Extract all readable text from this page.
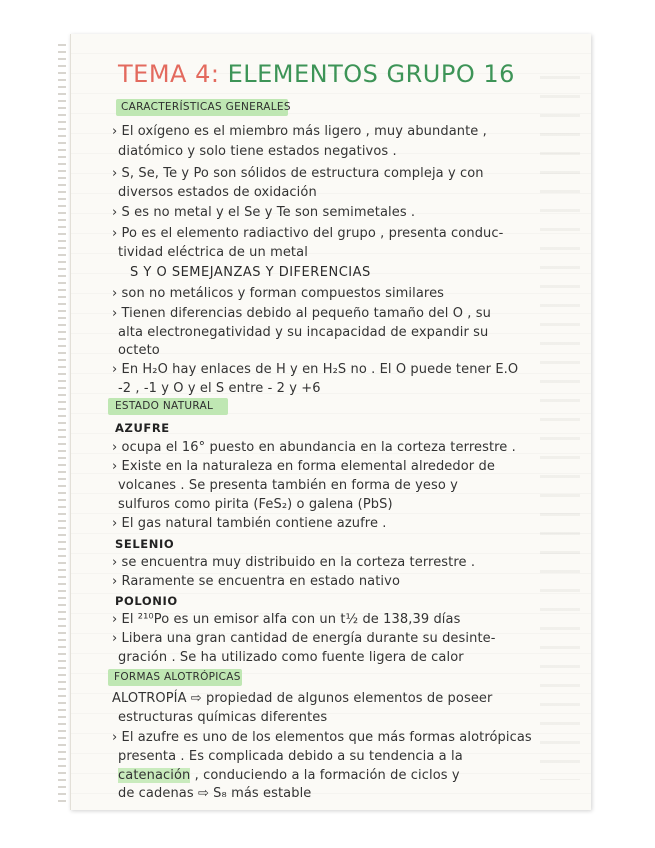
TEMA 4: ELEMENTOS GRUPO 16
CARACTERÍSTICAS GENERALES
› El oxígeno es el miembro más ligero , muy abundante ,
diatómico y solo tiene estados negativos .
› S, Se, Te y Po son sólidos de estructura compleja y con
diversos estados de oxidación
› S es no metal y el Se y Te son semimetales .
› Po es el elemento radiactivo del grupo , presenta conduc-
tividad eléctrica de un metal
S Y O SEMEJANZAS Y DIFERENCIAS
› son no metálicos y forman compuestos similares
› Tienen diferencias debido al pequeño tamaño del O , su
alta electronegatividad y su incapacidad de expandir su
octeto
› En H₂O hay enlaces de H y en H₂S no . El O puede tener E.O
-2 , -1 y O y el S entre - 2 y +6
ESTADO NATURAL
AZUFRE
› ocupa el 16° puesto en abundancia en la corteza terrestre .
› Existe en la naturaleza en forma elemental alrededor de
volcanes . Se presenta también en forma de yeso y
sulfuros como pirita (FeS₂) o galena (PbS)
› El gas natural también contiene azufre .
SELENIO
› se encuentra muy distribuido en la corteza terrestre .
› Raramente se encuentra en estado nativo
POLONIO
› El ²¹⁰Po es un emisor alfa con un t½ de 138,39 días
› Libera una gran cantidad de energía durante su desinte-
gración . Se ha utilizado como fuente ligera de calor
FORMAS ALOTRÓPICAS
ALOTROPÍA ⇨ propiedad de algunos elementos de poseer
estructuras químicas diferentes
› El azufre es uno de los elementos que más formas alotrópicas
presenta . Es complicada debido a su tendencia a la
catenación , conduciendo a la formación de ciclos y
de cadenas ⇨ S₈ más estable
